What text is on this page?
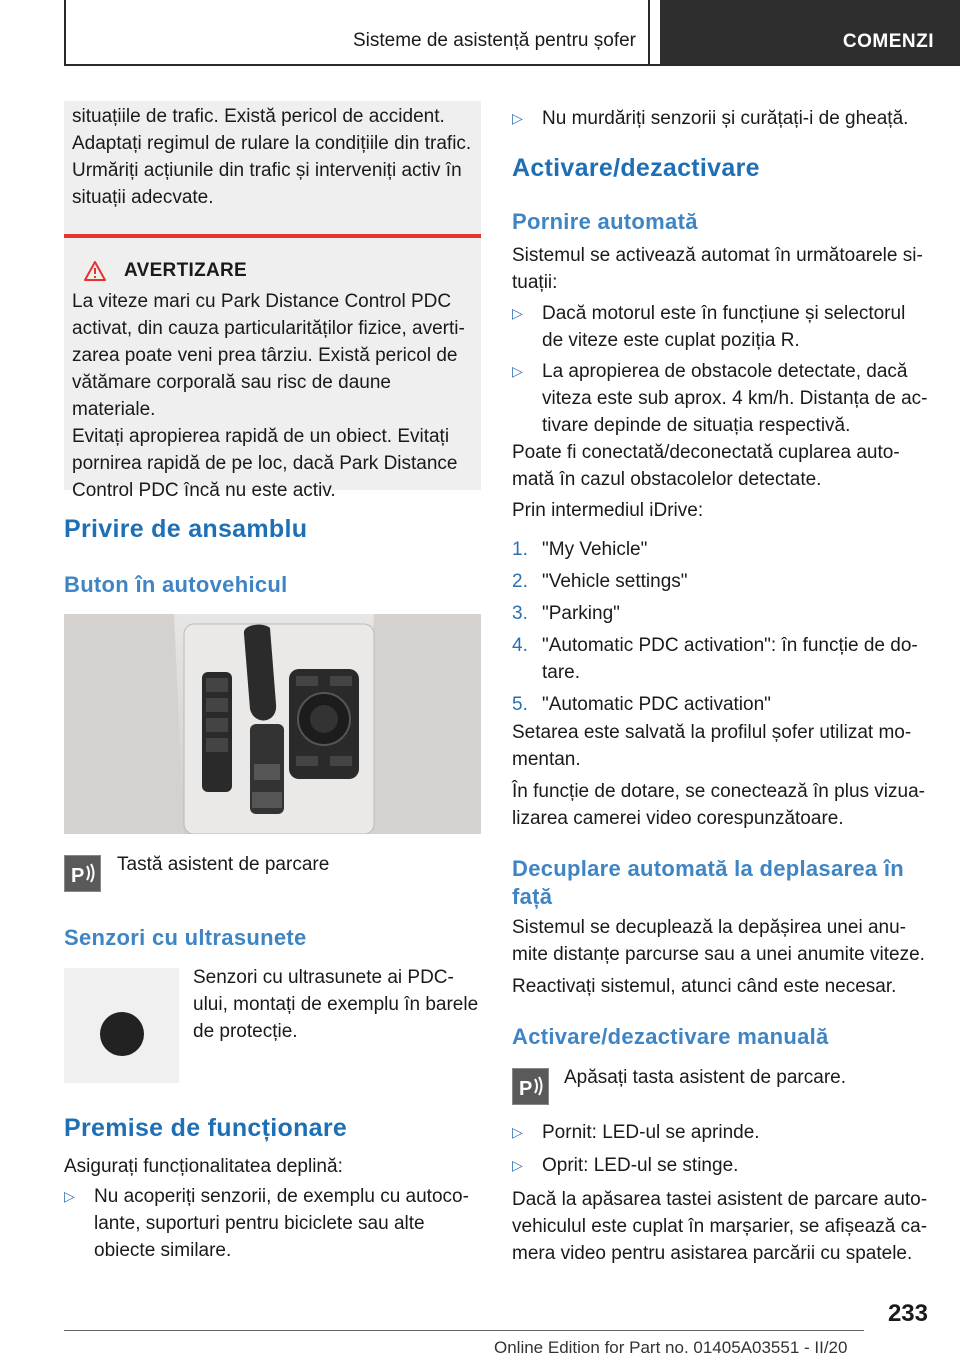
Sisteme de asistență pentru șofer	COMENZI

situațiile de trafic. Există pericol de accident.

Adaptați regimul de rulare la condițiile din trafic.

Urmăriți acțiunile din trafic și interveniți activ în

situații adecvate.

AVERTIZARE

La viteze mari cu Park Distance Control PDC

activat, din cauza particularităților fizice, averti-

zarea poate veni prea târziu. Există pericol de

vătămare corporală sau risc de daune materiale.

Evitați apropierea rapidă de un obiect. Evitați

pornirea rapidă de pe loc, dacă Park Distance

Control PDC încă nu este activ.

Privire de ansamblu
Buton în autovehicul
P
Tastă asistent de parcare
Senzori cu ultrasunete

Senzori cu ultrasunete ai PDC-

ului, montați de exemplu în barele

de protecție.

Premise de funcționare
Asigurați funcționalitatea deplină:
▷ Nu acoperiți senzorii, de exemplu cu autoco-
lante, suporturi pentru biciclete sau alte
obiecte similare.
▷ Nu murdăriți senzorii și curățați-i de gheață.
Activare/dezactivare
Pornire automată

Sistemul se activează automat în următoarele si-

tuații:

▷ Dacă motorul este în funcțiune și selectorul
de viteze este cuplat poziția R.
▷ La apropierea de obstacole detectate, dacă
viteza este sub aprox. 4 km/h. Distanța de ac-
tivare depinde de situația respectivă.

Poate fi conectată/deconectată cuplarea auto-

mată în cazul obstacolelor detectate.

Prin intermediul iDrive:
1. "My Vehicle"
2. "Vehicle settings"
3. "Parking"
4. "Automatic PDC activation": în funcție de do-
tare.
5. "Automatic PDC activation"

Setarea este salvată la profilul șofer utilizat mo-

mentan.

În funcție de dotare, se conectează în plus vizua-

lizarea camerei video corespunzătoare.

Decuplare automată la deplasarea în
față

Sistemul se decuplează la depășirea unei anu-

mite distanțe parcurse sau a unei anumite viteze.

Reactivați sistemul, atunci când este necesar.
Activare/dezactivare manuală
P
Apăsați tasta asistent de parcare.
▷ Pornit: LED-ul se aprinde.
▷ Oprit: LED-ul se stinge.

Dacă la apăsarea tastei asistent de parcare auto-

vehiculul este cuplat în marșarier, se afișează ca-

mera video pentru asistarea parcării cu spatele.

233
Online Edition for Part no. 01405A03551 - II/20
